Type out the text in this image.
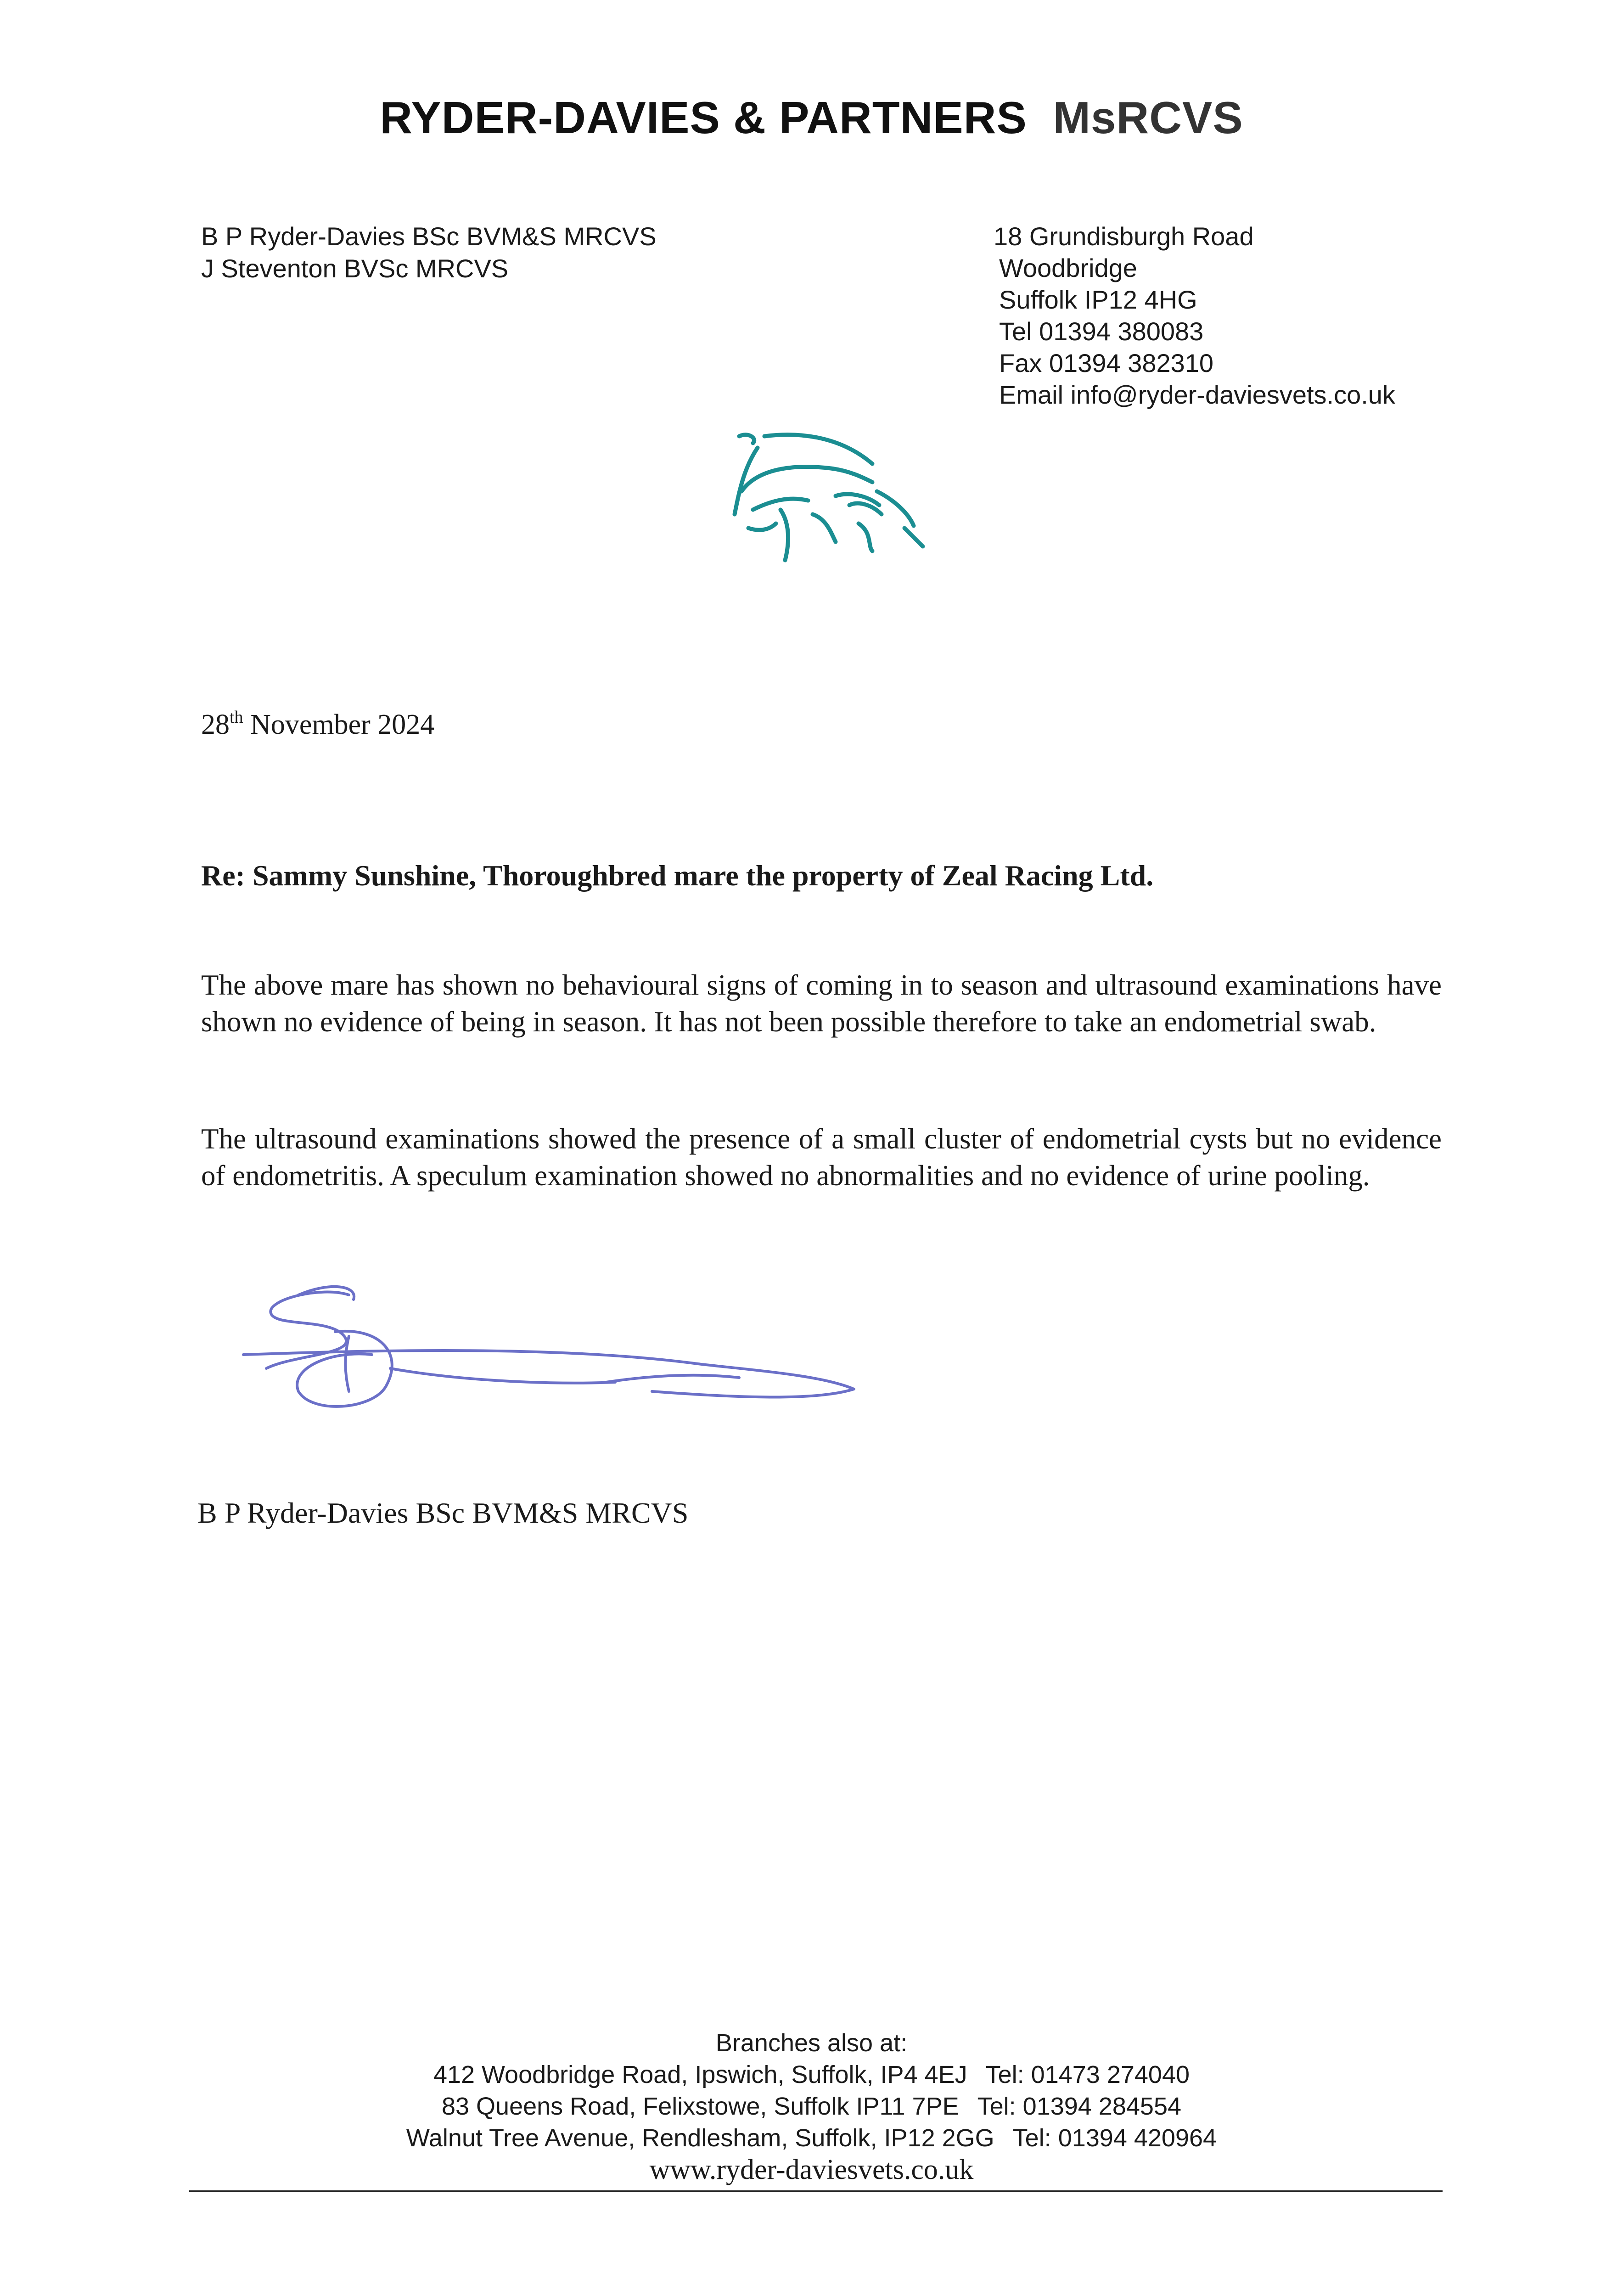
RYDER-DAVIES & PARTNERS MsRCVS
B P Ryder-Davies BSc BVM&S MRCVS
J Steventon BVSc MRCVS
18 Grundisburgh Road
Woodbridge
Suffolk IP12 4HG
Tel 01394 380083
Fax 01394 382310
Email info@ryder-daviesvets.co.uk
28th November 2024
Re: Sammy Sunshine, Thoroughbred mare the property of Zeal Racing Ltd.

The above mare has shown no behavioural signs of coming in to season and ultrasound examinations have shown no evidence of being in season. It has not been possible therefore to take an endometrial swab.

The ultrasound examinations showed the presence of a small cluster of endometrial cysts but no evidence of endometritis. A speculum examination showed no abnormalities and no evidence of urine pooling.

B P Ryder-Davies BSc BVM&S MRCVS
Branches also at:
412 Woodbridge Road, Ipswich, Suffolk, IP4 4EJ Tel: 01473 274040
83 Queens Road, Felixstowe, Suffolk IP11 7PE Tel: 01394 284554
Walnut Tree Avenue, Rendlesham, Suffolk, IP12 2GG Tel: 01394 420964
www.ryder-daviesvets.co.uk
